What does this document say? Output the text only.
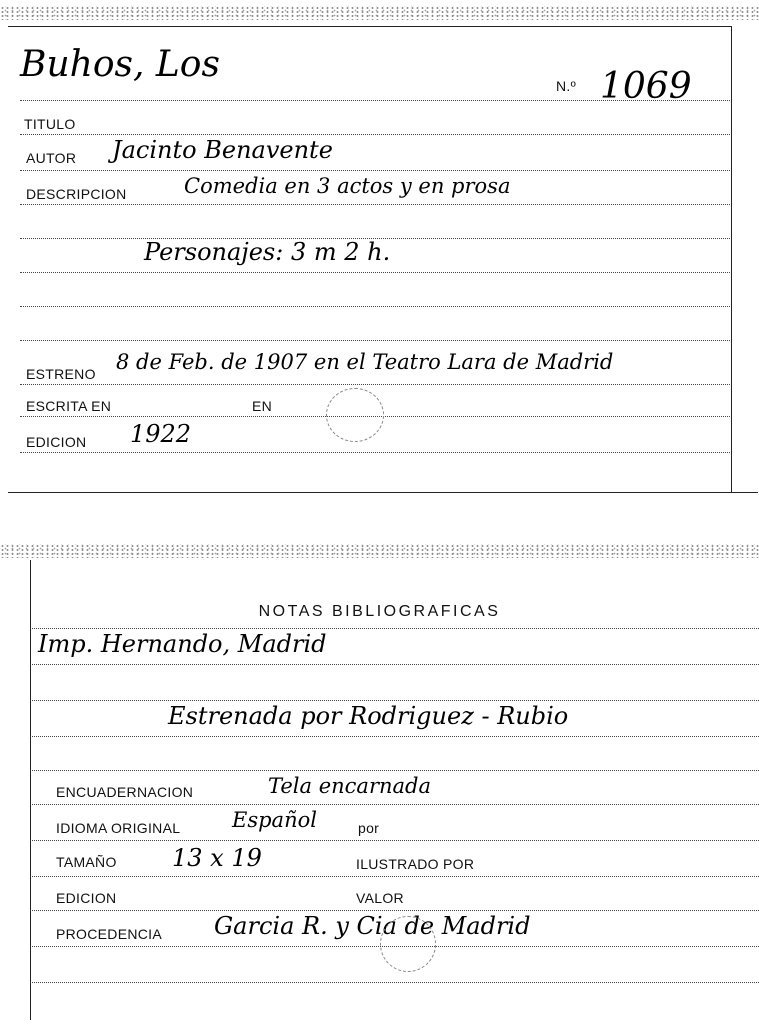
Buhos, Los
N.º 1069
TITULO
AUTOR Jacinto Benavente
DESCRIPCION	Comedia en 3 actos y en prosa
Personajes: 3 m 2 h.
ESTRENO 8 de Feb. de 1907 en el Teatro Lara de Madrid
ESCRITA EN	EN
EDICION 1922
NOTAS BIBLIOGRAFICAS
Imp. Hernando, Madrid
Estrenada por Rodriguez - Rubio
ENCUADERNACION	Tela encarnada
IDIOMA ORIGINAL Español	por
TAMAÑO 13 x 19	ILUSTRADO POR
EDICION	VALOR
PROCEDENCIA Garcia R. y Cia de Madrid
